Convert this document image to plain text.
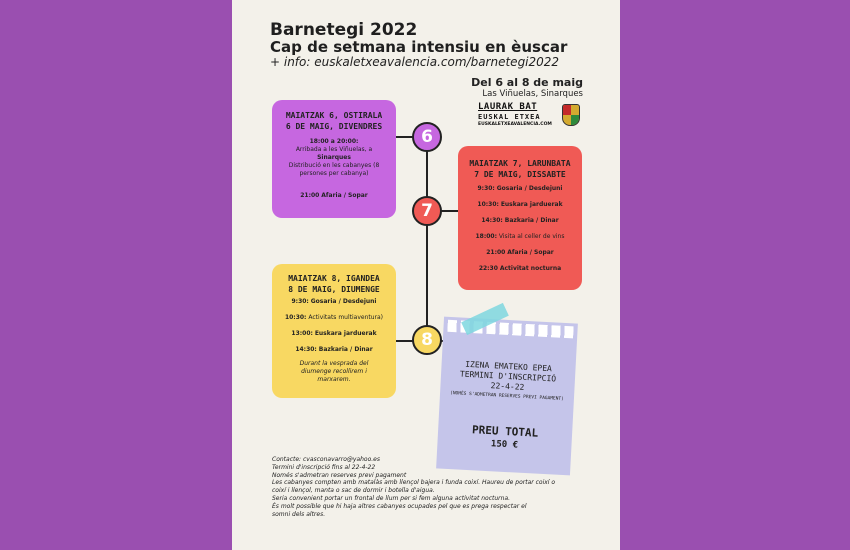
Barnetegi 2022
Cap de setmana intensiu en èuscar
+ info: euskaletxeavalencia.com/barnetegi2022
Del 6 al 8 de maig
Las Viñuelas, Sinarques
LAURAK BAT
EUSKAL ETXEA
EUSKALETXEAVALENCIA.COM
6
7
8
MAIATZAK 6, OSTIRALA
6 DE MAIG, DIVENDRES
18:00 a 20:00:
Arribada a les Viñuelas, a
Sinarques
Distribució en les cabanyes (8
persones per cabanya)
21:00 Afaria / Sopar
MAIATZAK 7, LARUNBATA
7 DE MAIG, DISSABTE
9:30: Gosaria / Desdejuni
10:30: Euskara jarduerak
14:30: Bazkaria / Dinar
18:00: Visita al celler de vins
21:00 Afaria / Sopar
22:30 Activitat nocturna
MAIATZAK 8, IGANDEA
8 DE MAIG, DIUMENGE
9:30: Gosaria / Desdejuni
10:30: Activitats multiaventura)
13:00: Euskara jarduerak
14:30: Bazkaria / Dinar
Durant la vesprada del
diumenge recollirem i
marxarem.
IZENA EMATEKO EPEA
TERMINI D'INSCRIPCIÓ
22-4-22
(NOMÉS S'ADMETRAN RESERVES PREVI PAGAMENT)
PREU TOTAL
150 €
Contacte: cvasconavarro@yahoo.es
Termini d'inscripció fins al 22-4-22
Només s'admetran reserves previ pagament
Les cabanyes compten amb matalàs amb llençol bajera i funda coixí. Haureu de portar coixí o
coixí i llençol, manta o sac de dormir i botella d'aigua.
Seria convenient portar un frontal de llum per si fem alguna activitat nocturna.
És molt possible que hi haja altres cabanyes ocupades pel que es prega respectar el
somni dels altres.
